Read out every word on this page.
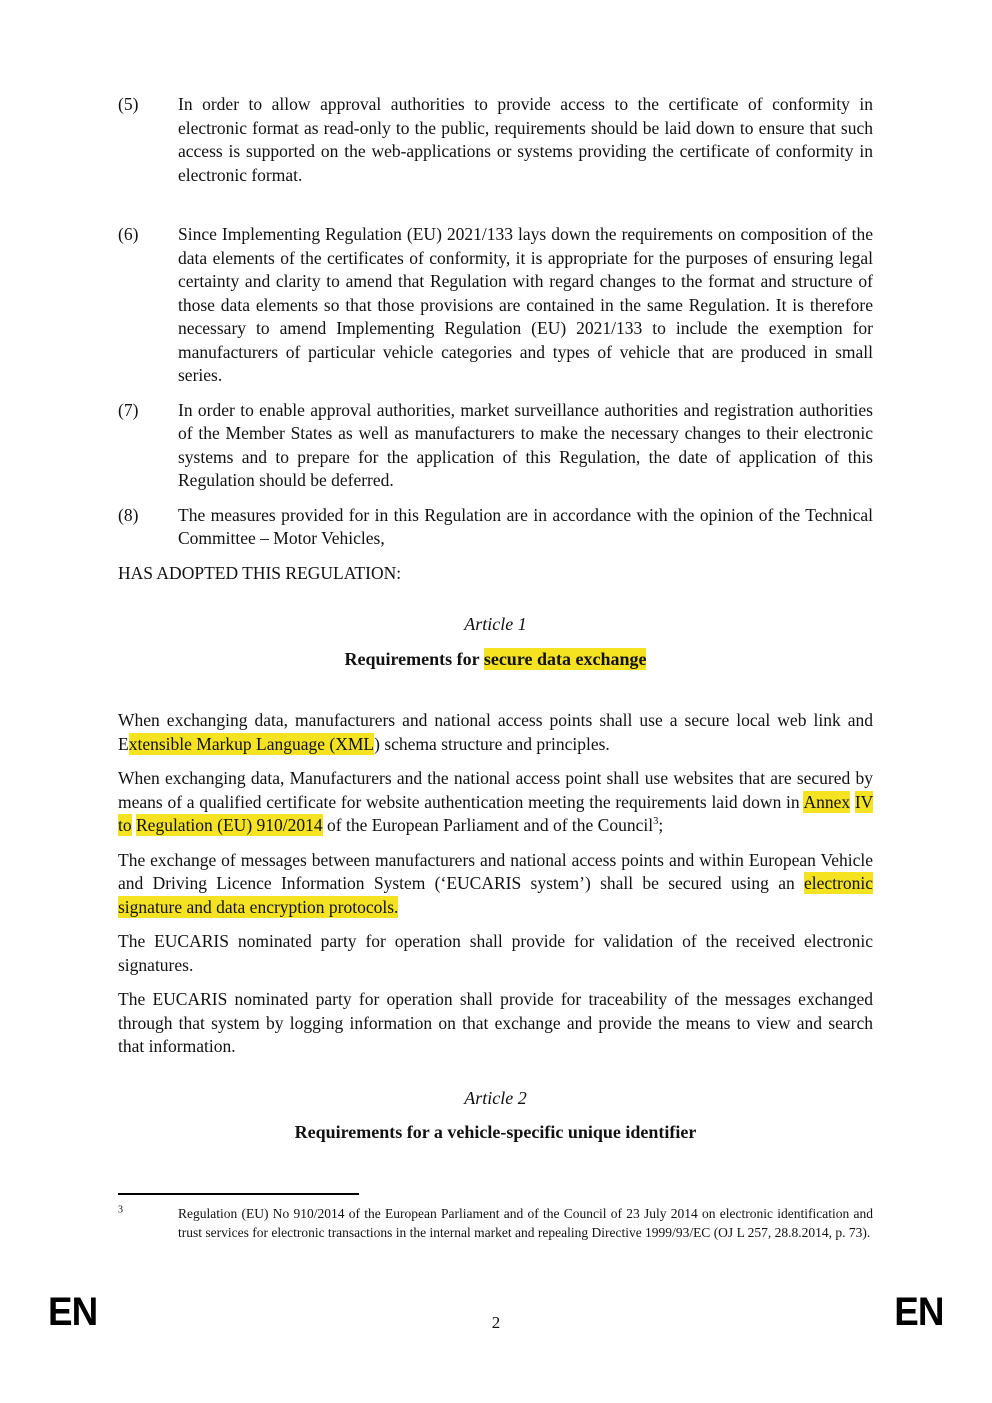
(5)	In order to allow approval authorities to provide access to the certificate of conformity in electronic format as read-only to the public, requirements should be laid down to ensure that such access is supported on the web-applications or systems providing the certificate of conformity in electronic format.
(6)	Since Implementing Regulation (EU) 2021/133 lays down the requirements on composition of the data elements of the certificates of conformity, it is appropriate for the purposes of ensuring legal certainty and clarity to amend that Regulation with regard changes to the format and structure of those data elements so that those provisions are contained in the same Regulation. It is therefore necessary to amend Implementing Regulation (EU) 2021/133 to include the exemption for manufacturers of particular vehicle categories and types of vehicle that are produced in small series.
(7)	In order to enable approval authorities, market surveillance authorities and registration authorities of the Member States as well as manufacturers to make the necessary changes to their electronic systems and to prepare for the application of this Regulation, the date of application of this Regulation should be deferred.
(8)	The measures provided for in this Regulation are in accordance with the opinion of the Technical Committee – Motor Vehicles,

HAS ADOPTED THIS REGULATION:

Article 1
Requirements for secure data exchange

When exchanging data, manufacturers and national access points shall use a secure local web link and Extensible Markup Language (XML) schema structure and principles.

When exchanging data, Manufacturers and the national access point shall use websites that are secured by means of a qualified certificate for website authentication meeting the requirements laid down in Annex IV to Regulation (EU) 910/2014 of the European Parliament and of the Council$^3$;

The exchange of messages between manufacturers and national access points and within European Vehicle and Driving Licence Information System (‘EUCARIS system’) shall be secured using an electronic signature and data encryption protocols.

The EUCARIS nominated party for operation shall provide for validation of the received electronic signatures.

The EUCARIS nominated party for operation shall provide for traceability of the messages exchanged through that system by logging information on that exchange and provide the means to view and search that information.

Article 2
Requirements for a vehicle-specific unique identifier
$^3$	Regulation (EU) No 910/2014 of the European Parliament and of the Council of 23 July 2014 on electronic identification and trust services for electronic transactions in the internal market and repealing Directive 1999/93/EC (OJ L 257, 28.8.2014, p. 73).
EN	2	EN
